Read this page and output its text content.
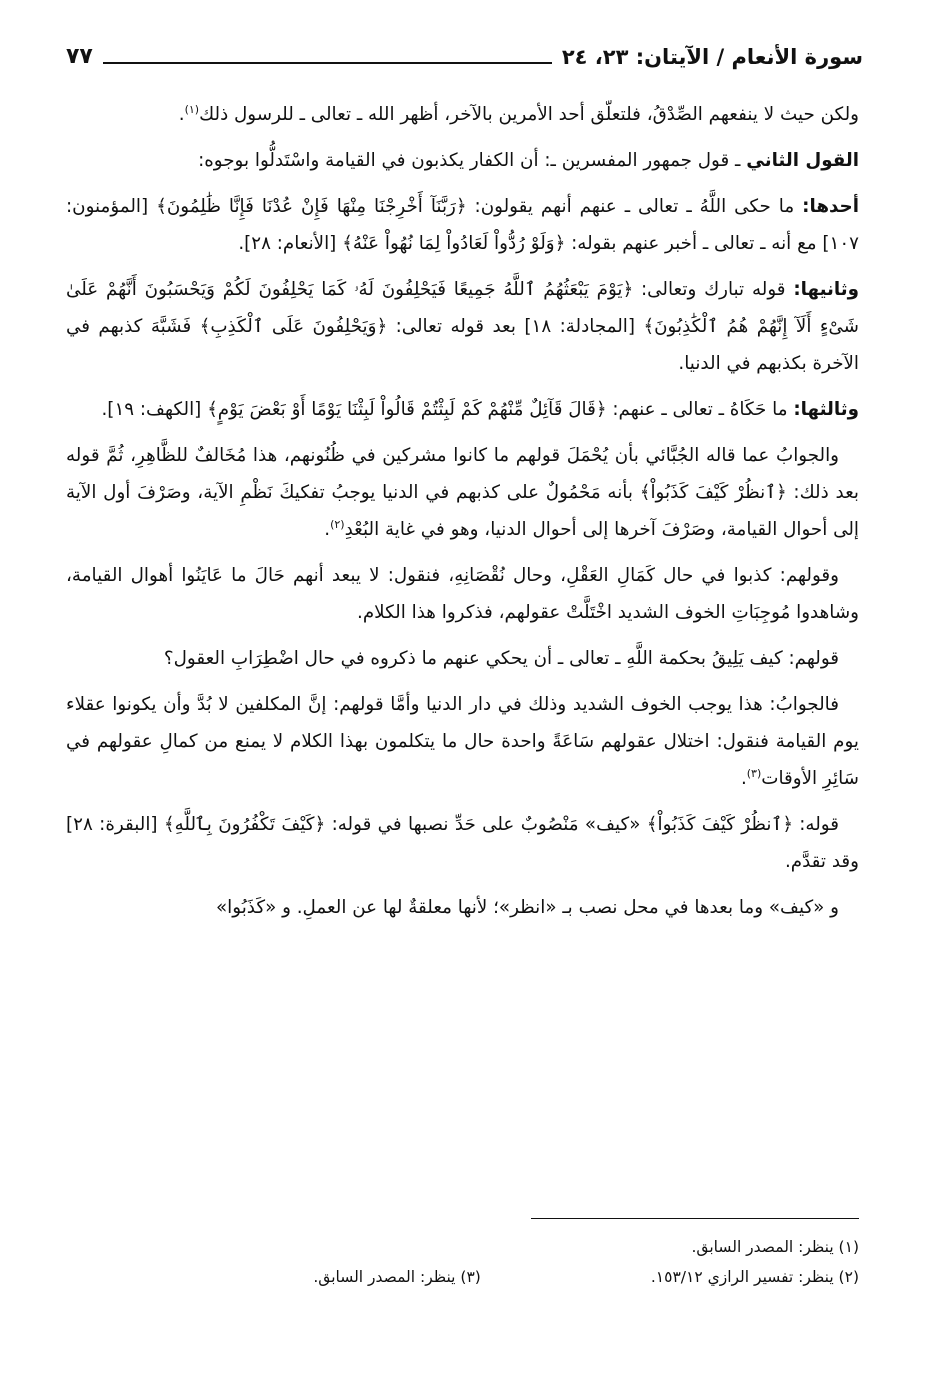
سورة الأنعام / الآيتان: ٢٣، ٢٤
٧٧

ولكن حيث لا ينفعهم الصِّدْقُ، فلتعلّق أحد الأمرين بالآخر، أظهر الله ـ تعالى ـ للرسول ذلك$^{(١)}$.

القول الثاني ـ قول جمهور المفسرين ـ: أن الكفار يكذبون في القيامة واسْتَدلُّوا بوجوه:

أحدها: ما حكى اللَّهُ ـ تعالى ـ عنهم أنهم يقولون: ﴿رَبَّنَآ أَخْرِجْنَا مِنْهَا فَإِنْ عُدْنَا فَإِنَّا ظَٰلِمُونَ﴾ [المؤمنون: ١٠٧] مع أنه ـ تعالى ـ أخبر عنهم بقوله: ﴿وَلَوْ رُدُّواْ لَعَادُواْ لِمَا نُهُواْ عَنْهُ﴾ [الأنعام: ٢٨].

وثانيها: قوله تبارك وتعالى: ﴿يَوْمَ يَبْعَثُهُمُ ٱللَّهُ جَمِيعًا فَيَحْلِفُونَ لَهُۥ كَمَا يَحْلِفُونَ لَكُمْ وَيَحْسَبُونَ أَنَّهُمْ عَلَىٰ شَىْءٍ أَلَآ إِنَّهُمْ هُمُ ٱلْكَٰذِبُونَ﴾ [المجادلة: ١٨] بعد قوله تعالى: ﴿وَيَحْلِفُونَ عَلَى ٱلْكَذِبِ﴾ فَشَبَّهَ كذبهم في الآخرة بكذبهم في الدنيا.

وثالثها: ما حَكَاهُ ـ تعالى ـ عنهم: ﴿قَالَ قَآئِلٌ مِّنْهُمْ كَمْ لَبِثْتُمْ قَالُواْ لَبِثْنَا يَوْمًا أَوْ بَعْضَ يَوْمٍ﴾ [الكهف: ١٩].

والجوابُ عما قاله الجُبَّائي بأن يُحْمَلَ قولهم ما كانوا مشركين في ظُنُونهم، هذا مُخَالفٌ للظَّاهِرِ، ثُمَّ قوله بعد ذلك: ﴿ٱنظُرْ كَيْفَ كَذَبُواْ﴾ بأنه مَحْمُولٌ على كذبهم في الدنيا يوجبُ تفكيكَ نَظْمِ الآية، وصَرْفَ أول الآية إلى أحوال القيامة، وصَرْفَ آخرها إلى أحوال الدنيا، وهو في غاية البُعْدِ$^{(٢)}$.

وقولهم: كذبوا في حال كَمَالِ العَقْلِ، وحال نُقْصَانِهِ، فنقول: لا يبعد أنهم حَالَ ما عَايَنُوا أهوال القيامة، وشاهدوا مُوجِبَاتِ الخوف الشديد اخْتَلَّتْ عقولهم، فذكروا هذا الكلام.

قولهم: كيف يَلِيقُ بحكمة اللَّهِ ـ تعالى ـ أن يحكي عنهم ما ذكروه في حال اضْطِرَابِ العقول؟

فالجوابُ: هذا يوجب الخوف الشديد وذلك في دار الدنيا وأمَّا قولهم: إنَّ المكلفين لا بُدَّ وأن يكونوا عقلاء يوم القيامة فنقول: اختلال عقولهم سَاعَةً واحدة حال ما يتكلمون بهذا الكلام لا يمنع من كمالِ عقولهم في سَائِرِ الأوقات$^{(٣)}$.

قوله: ﴿ٱنظُرْ كَيْفَ كَذَبُواْ﴾ «كيف» مَنْصُوبٌ على حَدِّ نصبها في قوله: ﴿كَيْفَ تَكْفُرُونَ بِٱللَّهِ﴾ [البقرة: ٢٨] وقد تقدَّم.

و «كيف» وما بعدها في محل نصب بـ «انظر»؛ لأنها معلقةٌ لها عن العملِ. و «كَذَبُوا»

(١) ينظر: المصدر السابق.
(٢) ينظر: تفسير الرازي ١٥٣/١٢.
(٣) ينظر: المصدر السابق.
